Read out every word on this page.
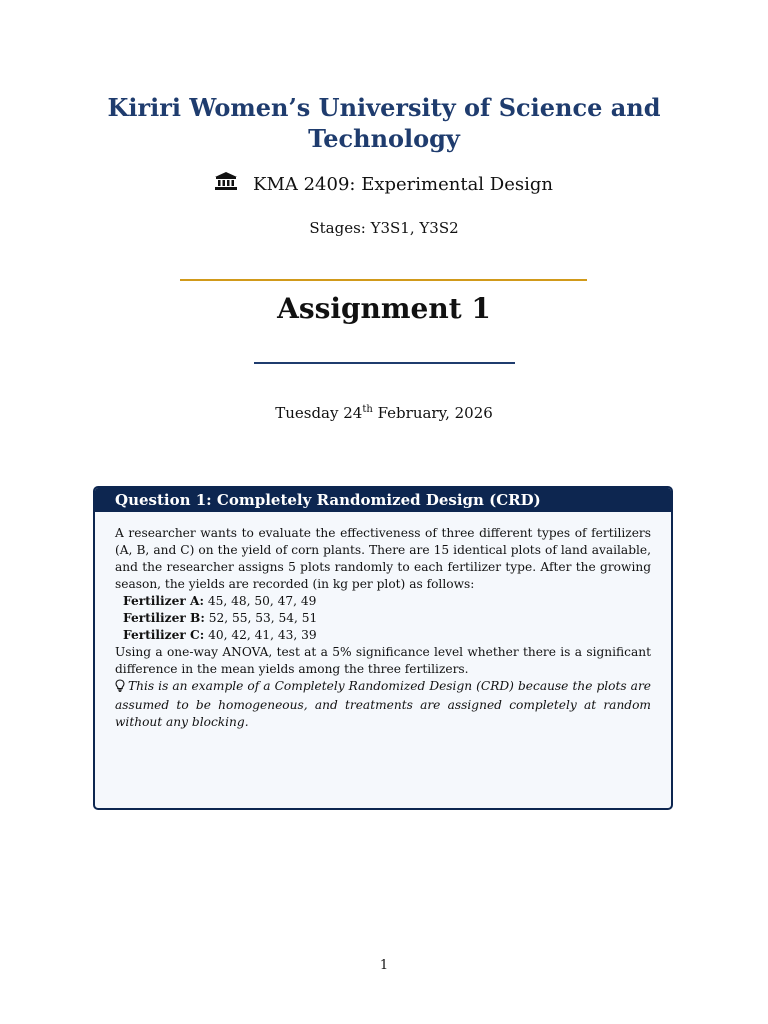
Kiriri Women’s University of Science and Technology
KMA 2409: Experimental Design
Stages: Y3S1, Y3S2
Assignment 1
Tuesday 24th February, 2026
Question 1: Completely Randomized Design (CRD)

A researcher wants to evaluate the effectiveness of three different types of fertilizers (A, B, and C) on the yield of corn plants. There are 15 identical plots of land available, and the researcher assigns 5 plots randomly to each fertilizer type. After the growing season, the yields are recorded (in kg per plot) as follows:

Fertilizer A: 45, 48, 50, 47, 49

Fertilizer B: 52, 55, 53, 54, 51

Fertilizer C: 40, 42, 41, 43, 39

Using a one-way ANOVA, test at a 5% significance level whether there is a significant difference in the mean yields among the three fertilizers.

This is an example of a Completely Randomized Design (CRD) because the plots are assumed to be homogeneous, and treatments are assigned completely at random without any blocking.

1
